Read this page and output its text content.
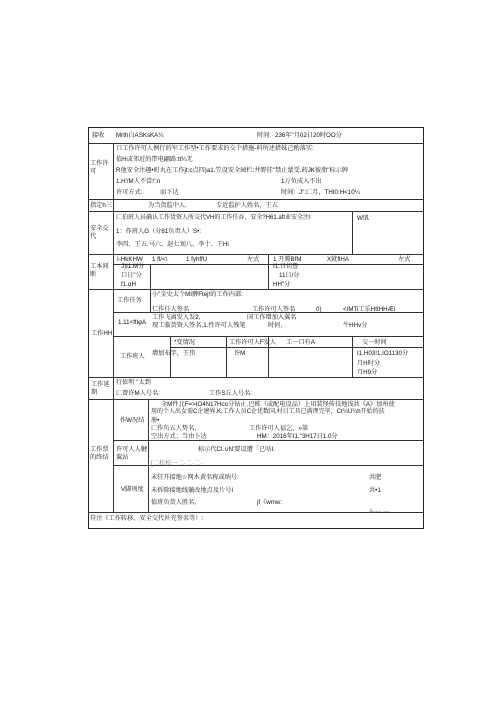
接收 Mrth白ASKsKA¼	时间: 236年"月02日20时OO分
工作许可
口工作许可人例行的军工作型•工作要求的交个措施-料所述措妹己酌落实:
值H或邻近的带电翩路:tt¼无
R他安全注趣•町丸在工作jt:c点四)a1.笠设安全园栏:井野挂"禁止蒙受.药JK彼脂"标示牌
1.H'/M人不當!':n	1万负成入不出
许可方式:	而下达	时间: J":匚月，THI0:H<10¼
指定h三	为当货监中人.	专近监护人姓名，王五
安全交代
匚伯班人员确认工作货资人所交代VH的工作任吞，安全?H61.aft业安全注I	W肌
1：作班人G（分81负责人）S•:
李四、王五.马六、赵七划八、李十、王Hi
工本间断
I-HkKHW 1 fl/<\	1 fyhffU	左式 1 开腾BfM	X就flHA	左式
J)I1.M分	I1.日切鲁
口日"分	11日/分
f1.αH	HH"分
工作HH
工作任务
小"金史太个MI髀Ftej!的工作内部:
仁作任人签名	工作许可人签名	0)	<IMTi工乐HttHHÆi
1.11<ftlφA
工作飞离发入发2,	国工作增加入翼名
现工临货资人签名,1.性许可人残笔	时何,	牛HHv分
工作班人
*变情况	工作许可人F发人 工一口有A	交一时间
增加布字，王伟	许M	I1.H03!1.IO1130分
月H时分
月H9分
工作延期
行依明 "太到
匚曾许M人号名:	工作S丘人号名:
工作票的终结
作W况结
全M件北F=>IO4N17Hco分钻止.巴栋（或配电设品）上用装怪传技地浅共《A》加州使
用的个人出女需C企建界.K,工作人员C企优数国,村日工具已满理完毕，Cℓ¼U¼h开始的扶
册•
匚作负五人势名,	工作许可人福乞，»第
空出方式：当由卜达	HM：2016年I1."3H17日1.0分
许可人人腱翼站
标示代Cl.∪N'要设遭「已咕I.
[二松松一二·二·二·
V脚刑度
未狂开接地☆网木黄名称或纳号:	共肥
未拆除接地线躺改地点及片号I	共•1
值班负货人胜名,	jf《wmw:
A---- ---
符注《工作转移、安全交代补充签名等）:
